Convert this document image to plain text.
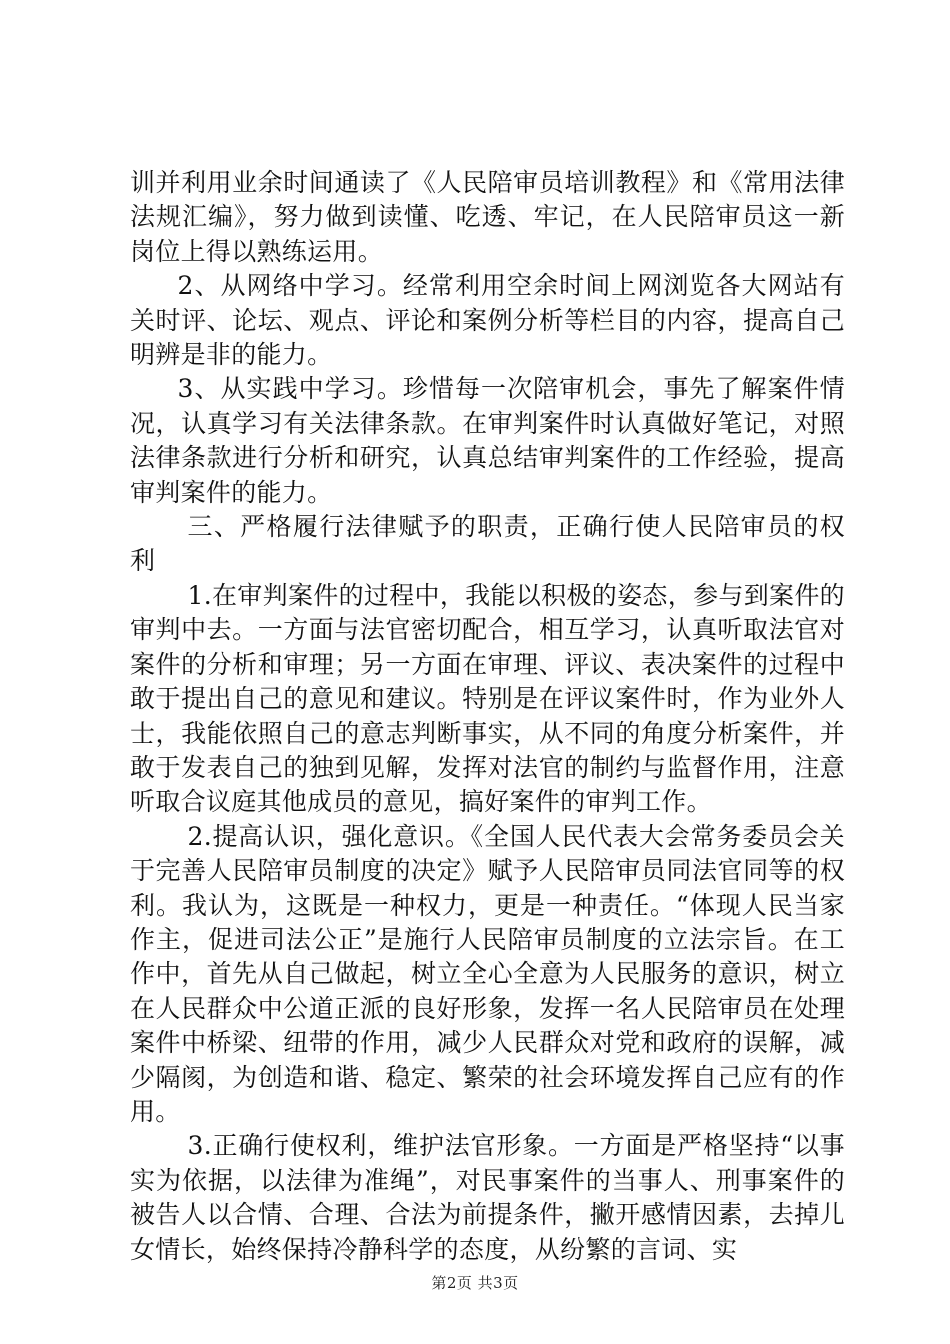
训并利用业余时间通读了《人民陪审员培训教程》和《常用法律法规汇编》，努力做到读懂、吃透、牢记，在人民陪审员这一新岗位上得以熟练运用。

2、从网络中学习。经常利用空余时间上网浏览各大网站有关时评、论坛、观点、评论和案例分析等栏目的内容，提高自己明辨是非的能力。

3、从实践中学习。珍惜每一次陪审机会，事先了解案件情况，认真学习有关法律条款。在审判案件时认真做好笔记，对照法律条款进行分析和研究，认真总结审判案件的工作经验，提高审判案件的能力。

三、严格履行法律赋予的职责，正确行使人民陪审员的权利

1.在审判案件的过程中，我能以积极的姿态，参与到案件的审判中去。一方面与法官密切配合，相互学习，认真听取法官对案件的分析和审理；另一方面在审理、评议、表决案件的过程中敢于提出自己的意见和建议。特别是在评议案件时，作为业外人士，我能依照自己的意志判断事实，从不同的角度分析案件，并敢于发表自己的独到见解，发挥对法官的制约与监督作用，注意听取合议庭其他成员的意见，搞好案件的审判工作。

2.提高认识，强化意识。《全国人民代表大会常务委员会关于完善人民陪审员制度的决定》赋予人民陪审员同法官同等的权利。我认为，这既是一种权力，更是一种责任。“体现人民当家作主，促进司法公正”是施行人民陪审员制度的立法宗旨。在工作中，首先从自己做起，树立全心全意为人民服务的意识，树立在人民群众中公道正派的良好形象，发挥一名人民陪审员在处理案件中桥梁、纽带的作用，减少人民群众对党和政府的误解，减少隔阂，为创造和谐、稳定、繁荣的社会环境发挥自己应有的作用。

3.正确行使权利，维护法官形象。一方面是严格坚持“以事实为依据，以法律为准绳”，对民事案件的当事人、刑事案件的被告人以合情、合理、合法为前提条件，撇开感情因素，去掉儿女情长，始终保持冷静科学的态度，从纷繁的言词、实

第2页 共3页
